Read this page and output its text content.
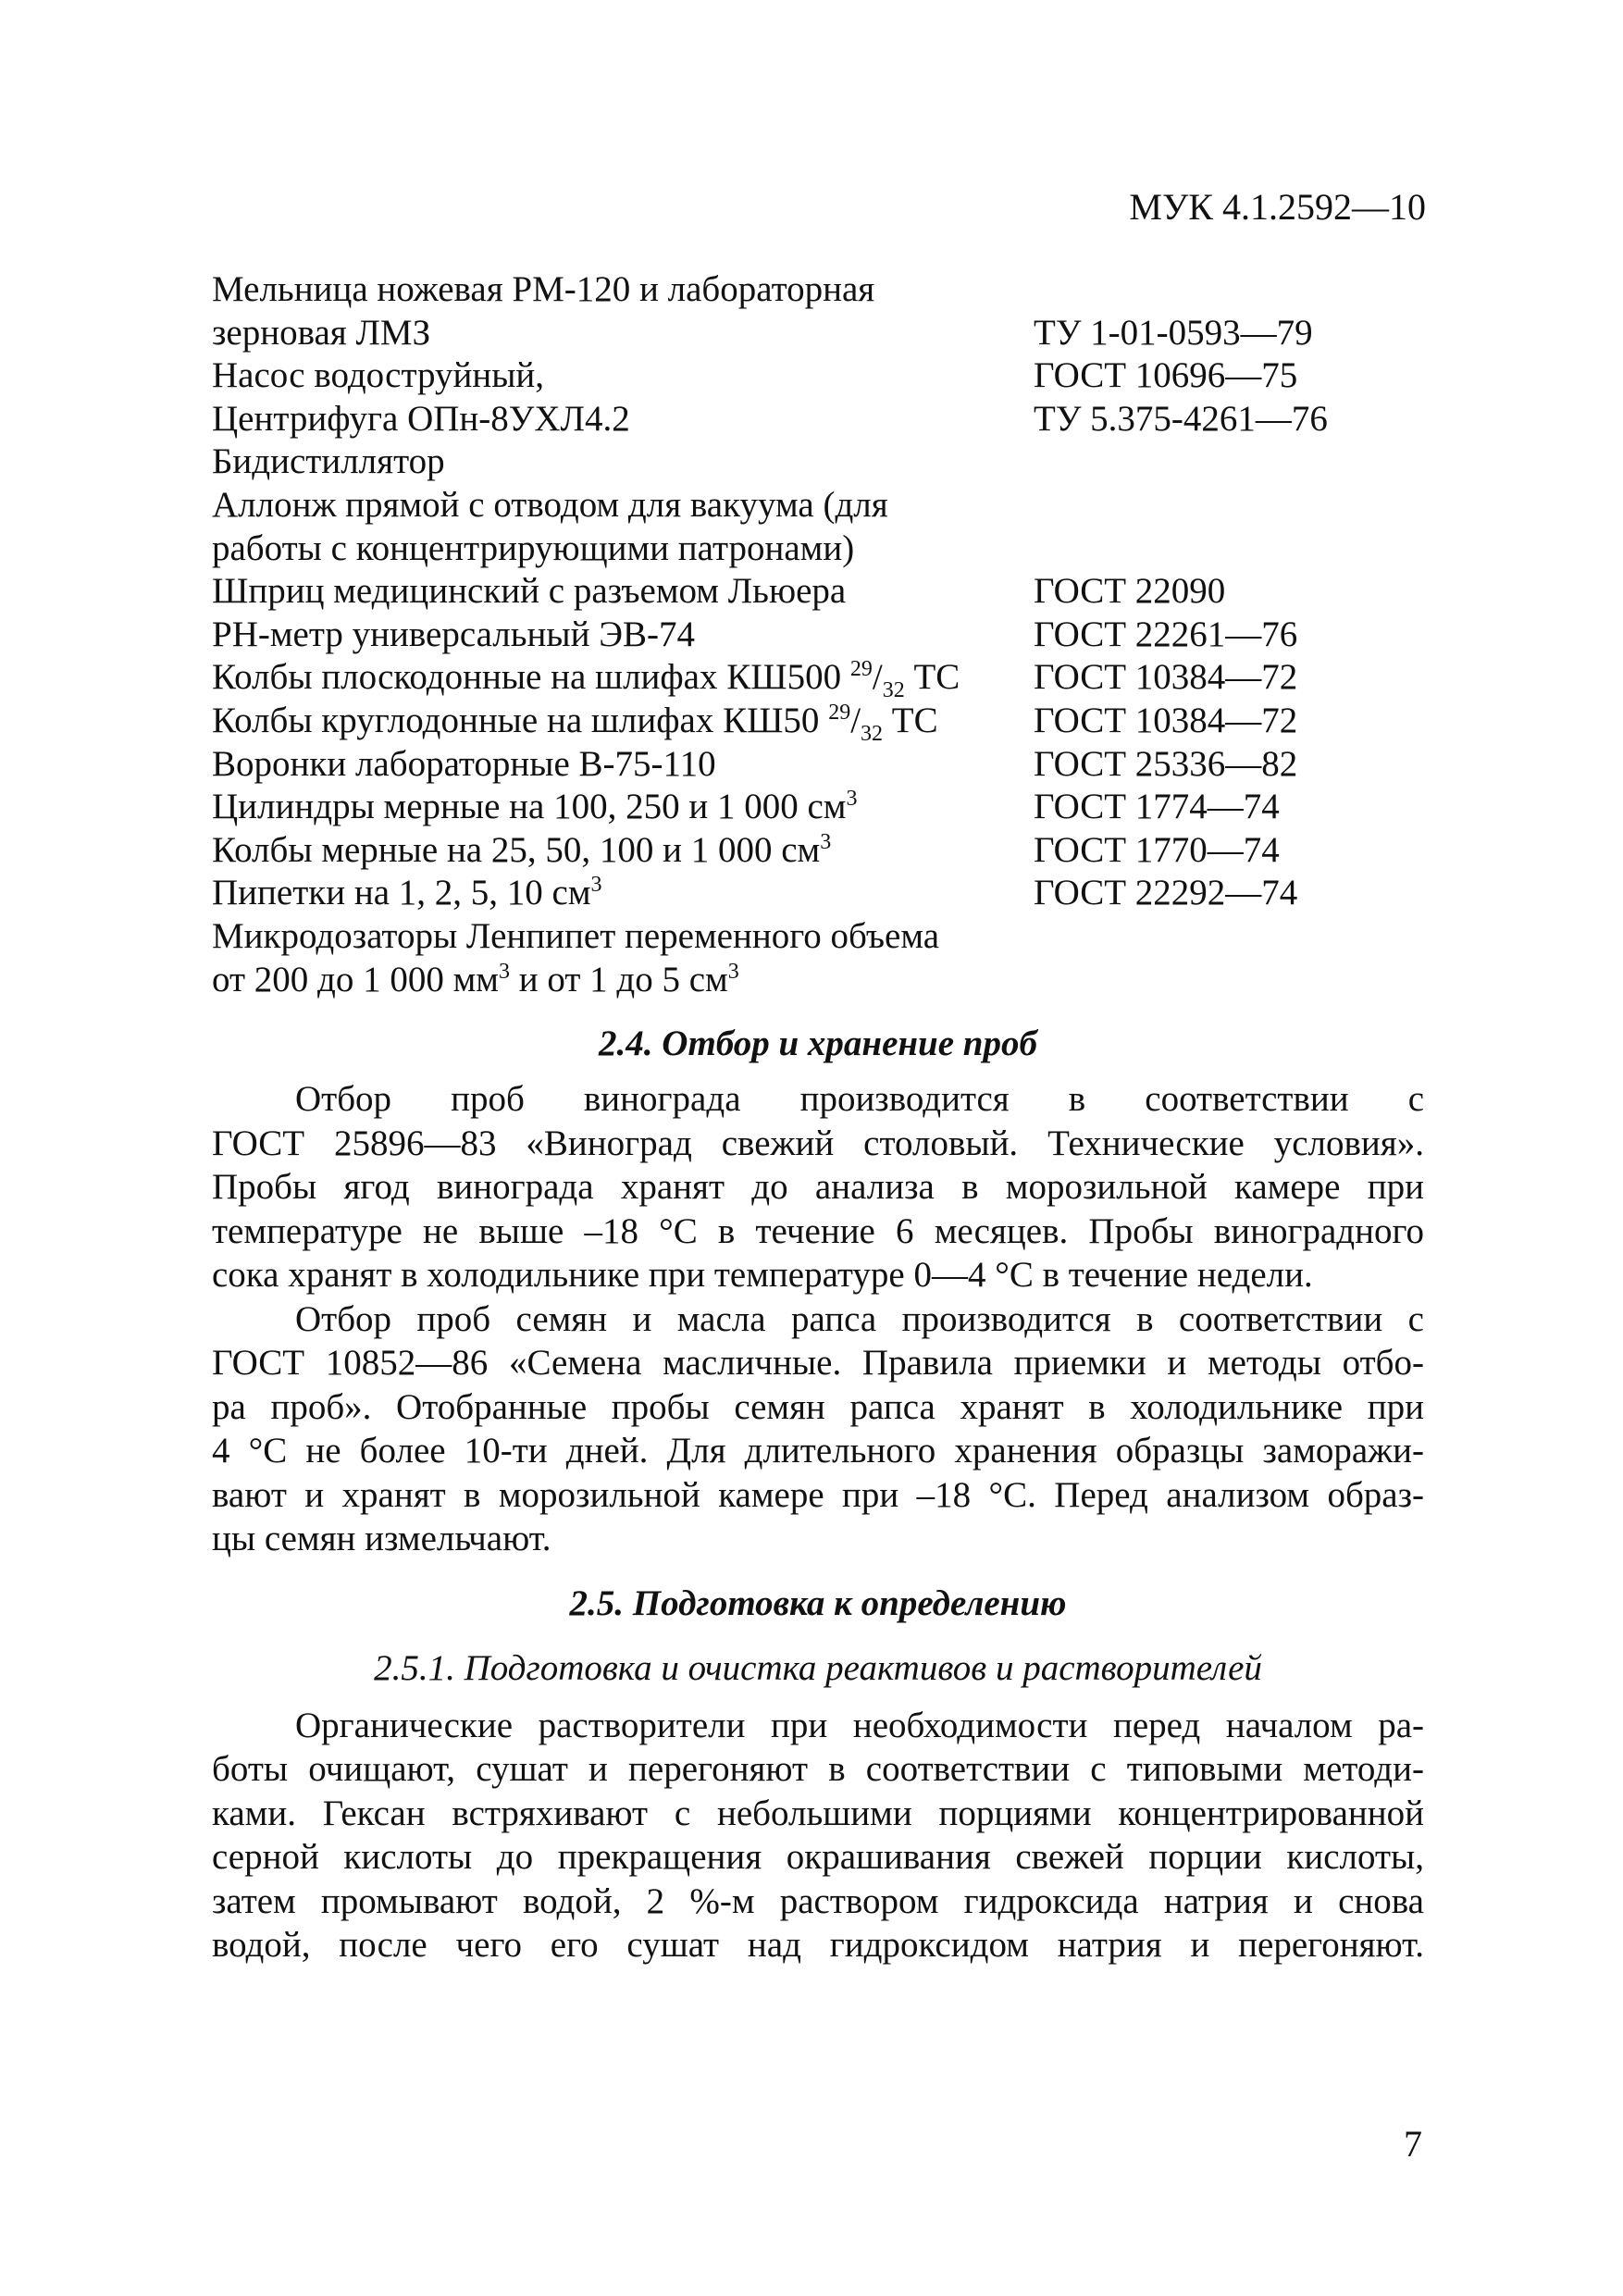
МУК 4.1.2592—10
Мельница ножевая РМ-120 и лабораторная
зерновая ЛМЗ	ТУ 1-01-0593—79
Насос водоструйный,	ГОСТ 10696—75
Центрифуга ОПн-8УХЛ4.2	ТУ 5.375-4261—76
Бидистиллятор
Аллонж прямой с отводом для вакуума (для
работы с концентрирующими патронами)
Шприц медицинский с разъемом Льюера	ГОСТ 22090
РН-метр универсальный ЭВ-74	ГОСТ 22261—76
Колбы плоскодонные на шлифах КШ500 $^{29}/_{32}$ ТС	ГОСТ 10384—72
Колбы круглодонные на шлифах КШ50 $^{29}/_{32}$ ТС	ГОСТ 10384—72
Воронки лабораторные В-75-110	ГОСТ 25336—82
Цилиндры мерные на 100, 250 и 1 000 $см^3$	ГОСТ 1774—74
Колбы мерные на 25, 50, 100 и 1 000 $см^3$	ГОСТ 1770—74
Пипетки на 1, 2, 5, 10 $см^3$	ГОСТ 22292—74
Микродозаторы Ленпипет переменного объема
от 200 до 1 000 $мм^3$ и от 1 до 5 $см^3$
2.4. Отбор и хранение проб
Отбор проб винограда производится в соответствии с
ГОСТ 25896—83 «Виноград свежий столовый. Технические условия».
Пробы ягод винограда хранят до анализа в морозильной камере при
температуре не выше –18 °С в течение 6 месяцев. Пробы виноградного
сока хранят в холодильнике при температуре 0—4 °С в течение недели.
Отбор проб семян и масла рапса производится в соответствии с
ГОСТ 10852—86 «Семена масличные. Правила приемки и методы отбо-
ра проб». Отобранные пробы семян рапса хранят в холодильнике при
4 °С не более 10-ти дней. Для длительного хранения образцы заморажи-
вают и хранят в морозильной камере при –18 °С. Перед анализом образ-
цы семян измельчают.
2.5. Подготовка к определению
2.5.1. Подготовка и очистка реактивов и растворителей
Органические растворители при необходимости перед началом ра-
боты очищают, сушат и перегоняют в соответствии с типовыми методи-
ками. Гексан встряхивают с небольшими порциями концентрированной
серной кислоты до прекращения окрашивания свежей порции кислоты,
затем промывают водой, 2 %-м раствором гидроксида натрия и снова
водой, после чего его сушат над гидроксидом натрия и перегоняют.
7
